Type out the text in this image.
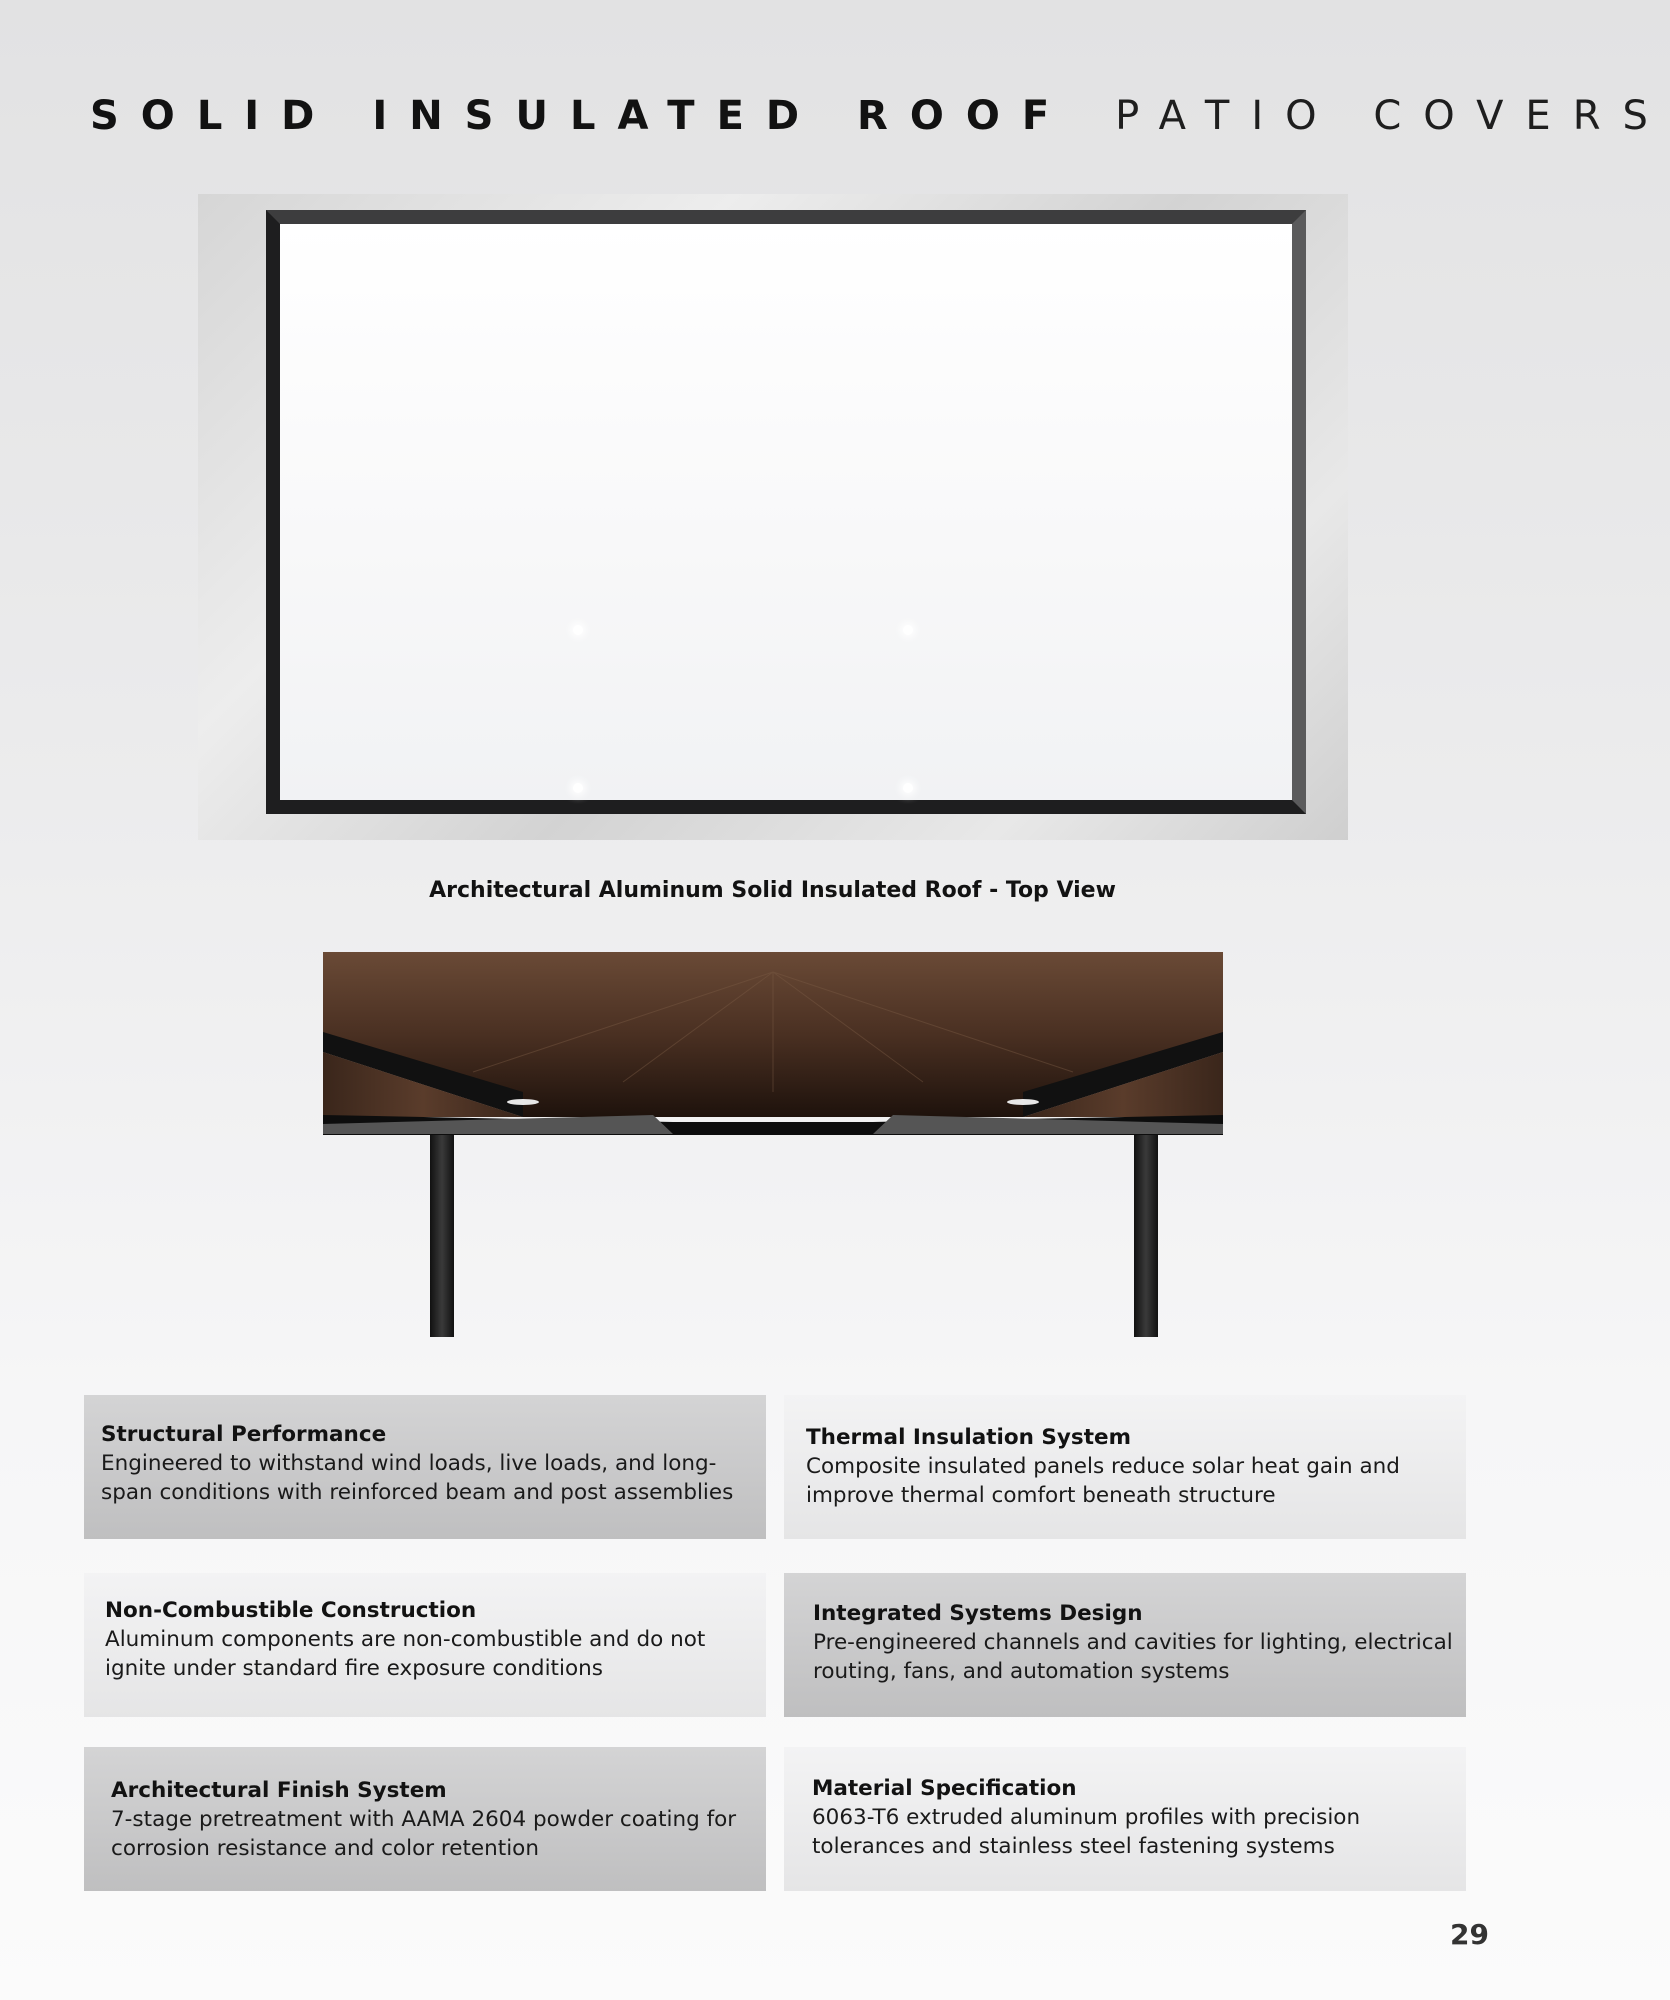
SOLID INSULATED ROOF PATIO COVERS

Architectural Aluminum Solid Insulated Roof - Top View

Structural Performance

Engineered to withstand wind loads, live loads, and long-span conditions with reinforced beam and post assemblies

Thermal Insulation System

Composite insulated panels reduce solar heat gain and improve thermal comfort beneath structure

Non-Combustible Construction

Aluminum components are non-combustible and do not ignite under standard fire exposure conditions

Integrated Systems Design

Pre-engineered channels and cavities for lighting, electrical routing, fans, and automation systems

Architectural Finish System

7-stage pretreatment with AAMA 2604 powder coating for corrosion resistance and color retention

Material Specification

6063-T6 extruded aluminum profiles with precision tolerances and stainless steel fastening systems

29
